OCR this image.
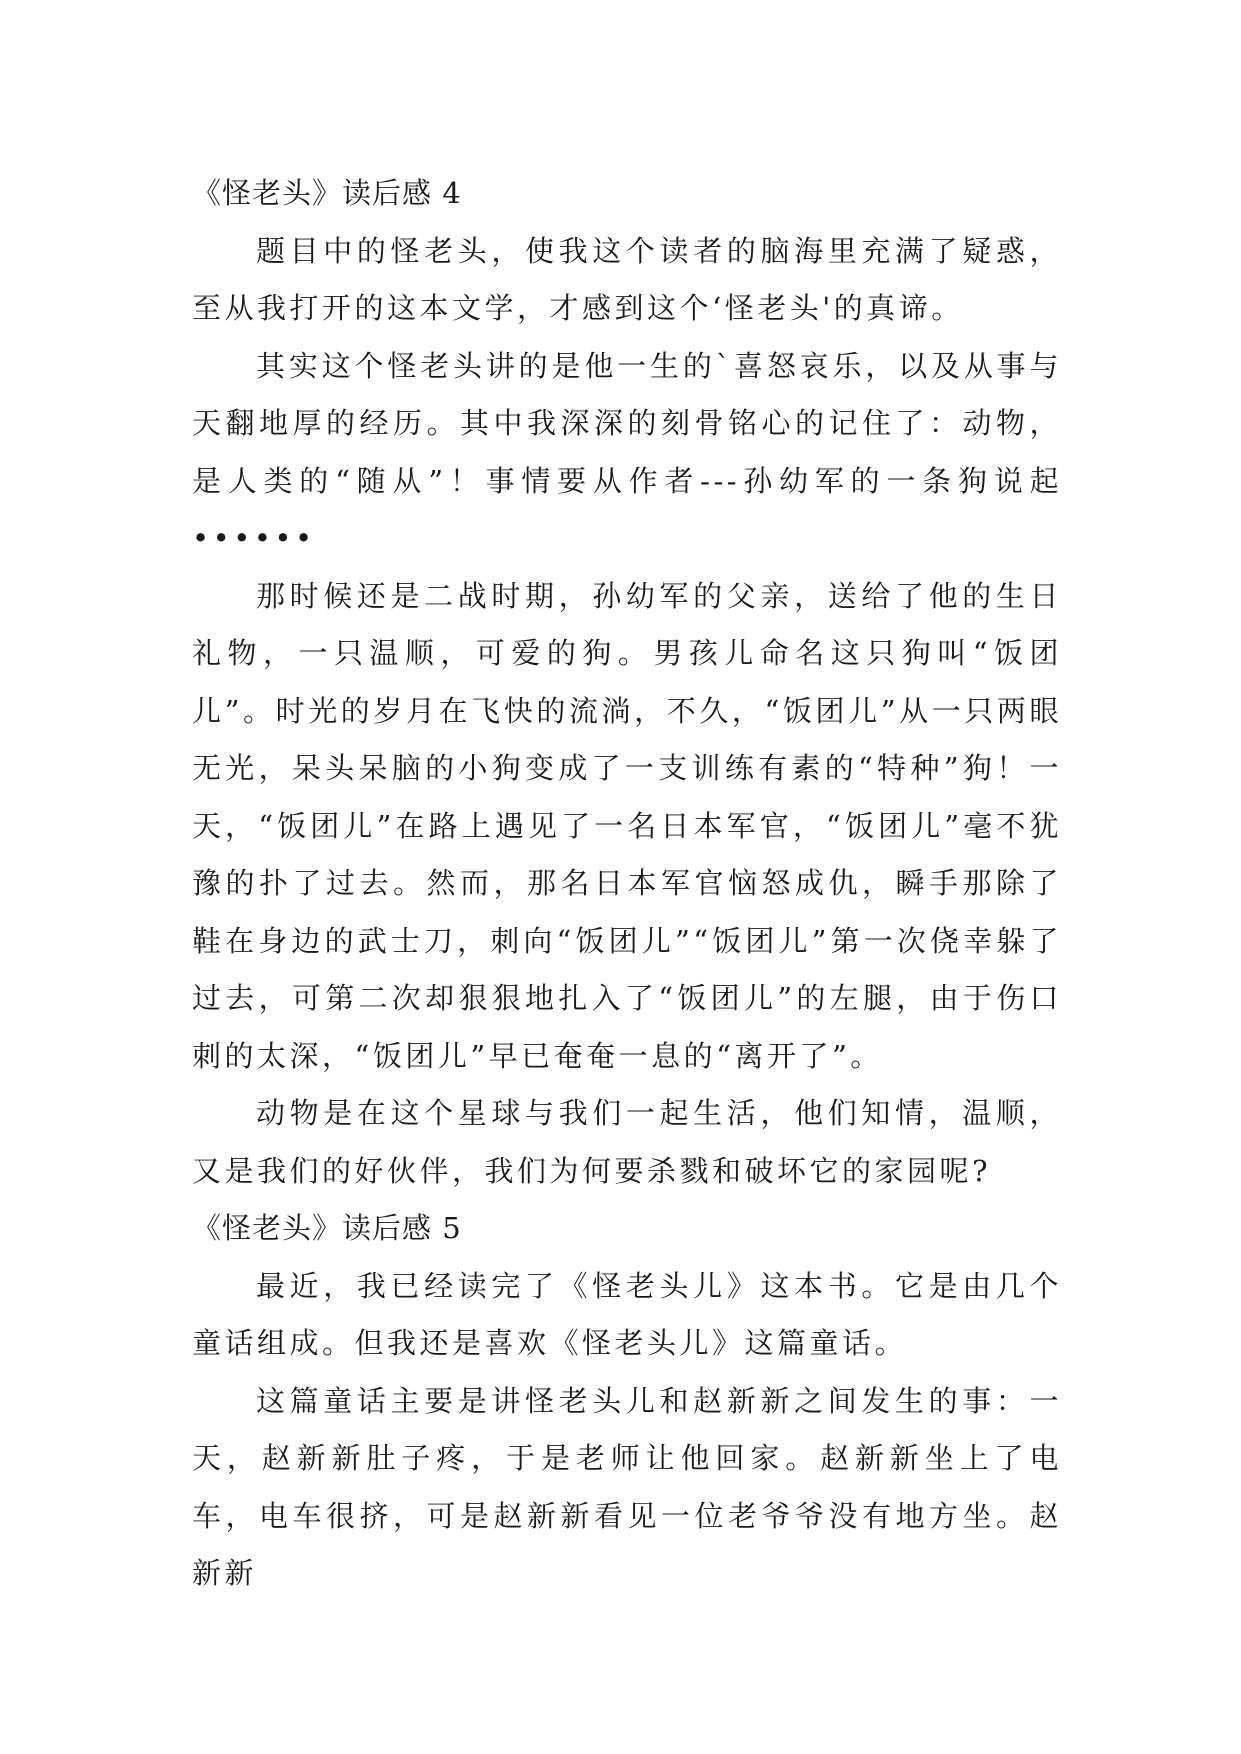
《怪老头》读后感 4

题目中的怪老头，使我这个读者的脑海里充满了疑惑，至从我打开的这本文学，才感到这个‘怪老头'的真谛。

其实这个怪老头讲的是他一生的`喜怒哀乐，以及从事与天翻地厚的经历。其中我深深的刻骨铭心的记住了：动物，是人类的“随从”！事情要从作者---孙幼军的一条狗说起••••••

那时候还是二战时期，孙幼军的父亲，送给了他的生日礼物，一只温顺，可爱的狗。男孩儿命名这只狗叫“饭团儿”。时光的岁月在飞快的流淌，不久，“饭团儿”从一只两眼无光，呆头呆脑的小狗变成了一支训练有素的“特种”狗！一天，“饭团儿”在路上遇见了一名日本军官，“饭团儿”毫不犹豫的扑了过去。然而，那名日本军官恼怒成仇，瞬手那除了鞋在身边的武士刀，刺向“饭团儿”“饭团儿”第一次侥幸躲了过去，可第二次却狠狠地扎入了“饭团儿”的左腿，由于伤口刺的太深，“饭团儿”早已奄奄一息的“离开了”。

动物是在这个星球与我们一起生活，他们知情，温顺，又是我们的好伙伴，我们为何要杀戮和破坏它的家园呢?

《怪老头》读后感 5

最近，我已经读完了《怪老头儿》这本书。它是由几个童话组成。但我还是喜欢《怪老头儿》这篇童话。

这篇童话主要是讲怪老头儿和赵新新之间发生的事：一天，赵新新肚子疼，于是老师让他回家。赵新新坐上了电车，电车很挤，可是赵新新看见一位老爷爷没有地方坐。赵新新
